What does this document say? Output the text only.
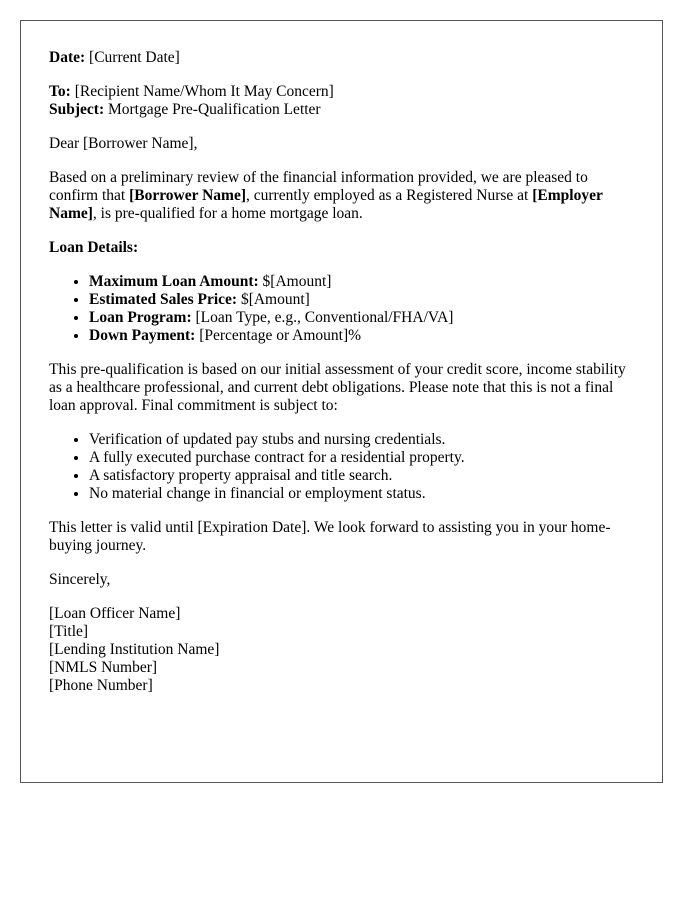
Date: [Current Date]

To: [Recipient Name/Whom It May Concern]
Subject: Mortgage Pre-Qualification Letter

Dear [Borrower Name],

Based on a preliminary review of the financial information provided, we are pleased to confirm that [Borrower Name], currently employed as a Registered Nurse at [Employer Name], is pre-qualified for a home mortgage loan.

Loan Details:

• Maximum Loan Amount: $[Amount]
• Estimated Sales Price: $[Amount]
• Loan Program: [Loan Type, e.g., Conventional/FHA/VA]
• Down Payment: [Percentage or Amount]%

This pre-qualification is based on our initial assessment of your credit score, income stability as a healthcare professional, and current debt obligations. Please note that this is not a final loan approval. Final commitment is subject to:

• Verification of updated pay stubs and nursing credentials.
• A fully executed purchase contract for a residential property.
• A satisfactory property appraisal and title search.
• No material change in financial or employment status.

This letter is valid until [Expiration Date]. We look forward to assisting you in your home-buying journey.

Sincerely,

[Loan Officer Name]
[Title]
[Lending Institution Name]
[NMLS Number]
[Phone Number]
